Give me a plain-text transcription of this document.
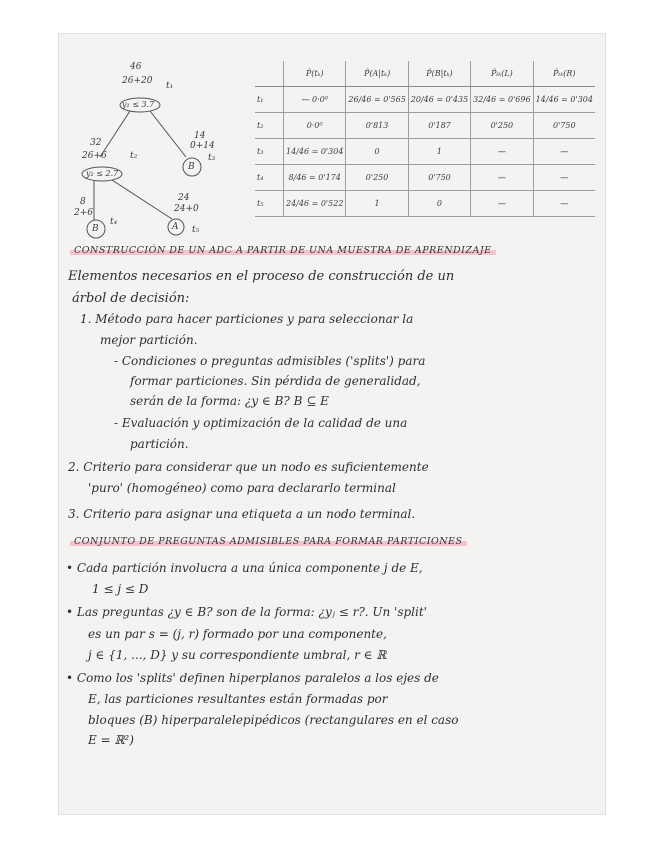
46
26+20
y₁ ≤ 3.7
t₁
32
26+6
y₂ ≤ 2.7
t₂
14
0+14
B
t₃
8
2+6
B
t₄
24
24+0
A t₅
	P̂(tₖ)	P̂(A|tₖ)	P̂(B|tₖ)	P̂ₜₖ(L)	P̂ₜₖ(R)
t₁	— 0·0⁰	26/46 = 0'565	20/46 = 0'435	32/46 = 0'696	14/46 = 0'304
t₂	0·0⁰	0'813	0'187	0'250	0'750
t₃	14/46 = 0'304	0	1	—	—
t₄	8/46 = 0'174	0'250	0'750	—	—
t₅	24/46 = 0'522	1	0	—	—
CONSTRUCCIÓN DE UN ADC A PARTIR DE UNA MUESTRA DE APRENDIZAJE
Elementos necesarios en el proceso de construcción de un
árbol de decisión:
1. Método para hacer particiones y para seleccionar la
mejor partición.
- Condiciones o preguntas admisibles ('splits') para
formar particiones. Sin pérdida de generalidad,
serán de la forma: ¿y ∈ B? B ⊆ E
- Evaluación y optimización de la calidad de una
partición.
2. Criterio para considerar que un nodo es suficientemente
'puro' (homogéneo) como para declararlo terminal
3. Criterio para asignar una etiqueta a un nodo terminal.
CONJUNTO DE PREGUNTAS ADMISIBLES PARA FORMAR PARTICIONES
• Cada partición involucra a una única componente j de E,
1 ≤ j ≤ D
• Las preguntas ¿y ∈ B? son de la forma: ¿yⱼ ≤ r?. Un 'split'
es un par s = (j, r) formado por una componente,
j ∈ {1, ..., D} y su correspondiente umbral, r ∈ ℝ
• Como los 'splits' definen hiperplanos paralelos a los ejes de
E, las particiones resultantes están formadas por
bloques (B) hiperparalelepipédicos (rectangulares en el caso
E = ℝ²)
